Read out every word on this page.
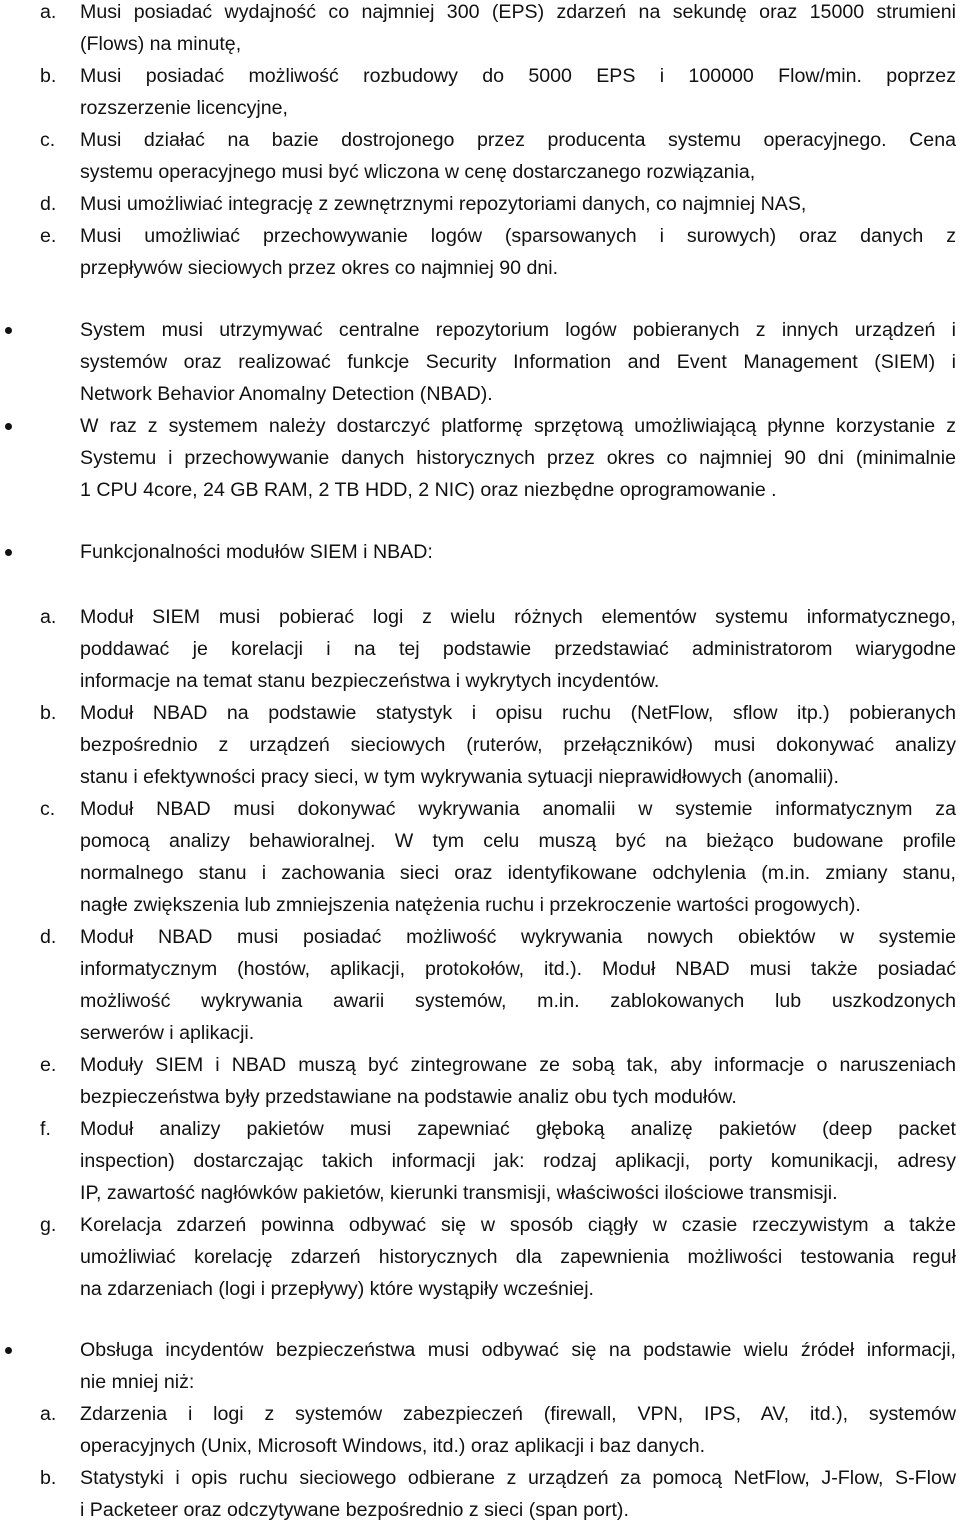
a. Musi posiadać wydajność co najmniej 300 (EPS) zdarzeń na sekundę oraz 15000 strumieni
(Flows) na minutę,
b. Musi posiadać możliwość rozbudowy do 5000 EPS i 100000 Flow/min. poprzez
rozszerzenie licencyjne,
c. Musi działać na bazie dostrojonego przez producenta systemu operacyjnego. Cena
systemu operacyjnego musi być wliczona w cenę dostarczanego rozwiązania,
d. Musi umożliwiać integrację z zewnętrznymi repozytoriami danych, co najmniej NAS,
e. Musi umożliwiać przechowywanie logów (sparsowanych i surowych) oraz danych z
przepływów sieciowych przez okres co najmniej 90 dni.
System musi utrzymywać centralne repozytorium logów pobieranych z innych urządzeń i
systemów oraz realizować funkcje Security Information and Event Management (SIEM) i
Network Behavior Anomalny Detection (NBAD).
W raz z systemem należy dostarczyć platformę sprzętową umożliwiającą płynne korzystanie z
Systemu i przechowywanie danych historycznych przez okres co najmniej 90 dni (minimalnie
1 CPU 4core, 24 GB RAM, 2 TB HDD, 2 NIC) oraz niezbędne oprogramowanie .
Funkcjonalności modułów SIEM i NBAD:
a. Moduł SIEM musi pobierać logi z wielu różnych elementów systemu informatycznego,
poddawać je korelacji i na tej podstawie przedstawiać administratorom wiarygodne
informacje na temat stanu bezpieczeństwa i wykrytych incydentów.
b. Moduł NBAD na podstawie statystyk i opisu ruchu (NetFlow, sflow itp.) pobieranych
bezpośrednio z urządzeń sieciowych (ruterów, przełączników) musi dokonywać analizy
stanu i efektywności pracy sieci, w tym wykrywania sytuacji nieprawidłowych (anomalii).
c. Moduł NBAD musi dokonywać wykrywania anomalii w systemie informatycznym za
pomocą analizy behawioralnej. W tym celu muszą być na bieżąco budowane profile
normalnego stanu i zachowania sieci oraz identyfikowane odchylenia (m.in. zmiany stanu,
nagłe zwiększenia lub zmniejszenia natężenia ruchu i przekroczenie wartości progowych).
d. Moduł NBAD musi posiadać możliwość wykrywania nowych obiektów w systemie
informatycznym (hostów, aplikacji, protokołów, itd.). Moduł NBAD musi także posiadać
możliwość wykrywania awarii systemów, m.in. zablokowanych lub uszkodzonych
serwerów i aplikacji.
e. Moduły SIEM i NBAD muszą być zintegrowane ze sobą tak, aby informacje o naruszeniach
bezpieczeństwa były przedstawiane na podstawie analiz obu tych modułów.
f. Moduł analizy pakietów musi zapewniać głęboką analizę pakietów (deep packet
inspection) dostarczając takich informacji jak: rodzaj aplikacji, porty komunikacji, adresy
IP, zawartość nagłówków pakietów, kierunki transmisji, właściwości ilościowe transmisji.
g. Korelacja zdarzeń powinna odbywać się w sposób ciągły w czasie rzeczywistym a także
umożliwiać korelację zdarzeń historycznych dla zapewnienia możliwości testowania reguł
na zdarzeniach (logi i przepływy) które wystąpiły wcześniej.
Obsługa incydentów bezpieczeństwa musi odbywać się na podstawie wielu źródeł informacji,
nie mniej niż:
a. Zdarzenia i logi z systemów zabezpieczeń (firewall, VPN, IPS, AV, itd.), systemów
operacyjnych (Unix, Microsoft Windows, itd.) oraz aplikacji i baz danych.
b. Statystyki i opis ruchu sieciowego odbierane z urządzeń za pomocą NetFlow, J-Flow, S-Flow
i Packeteer oraz odczytywane bezpośrednio z sieci (span port).
